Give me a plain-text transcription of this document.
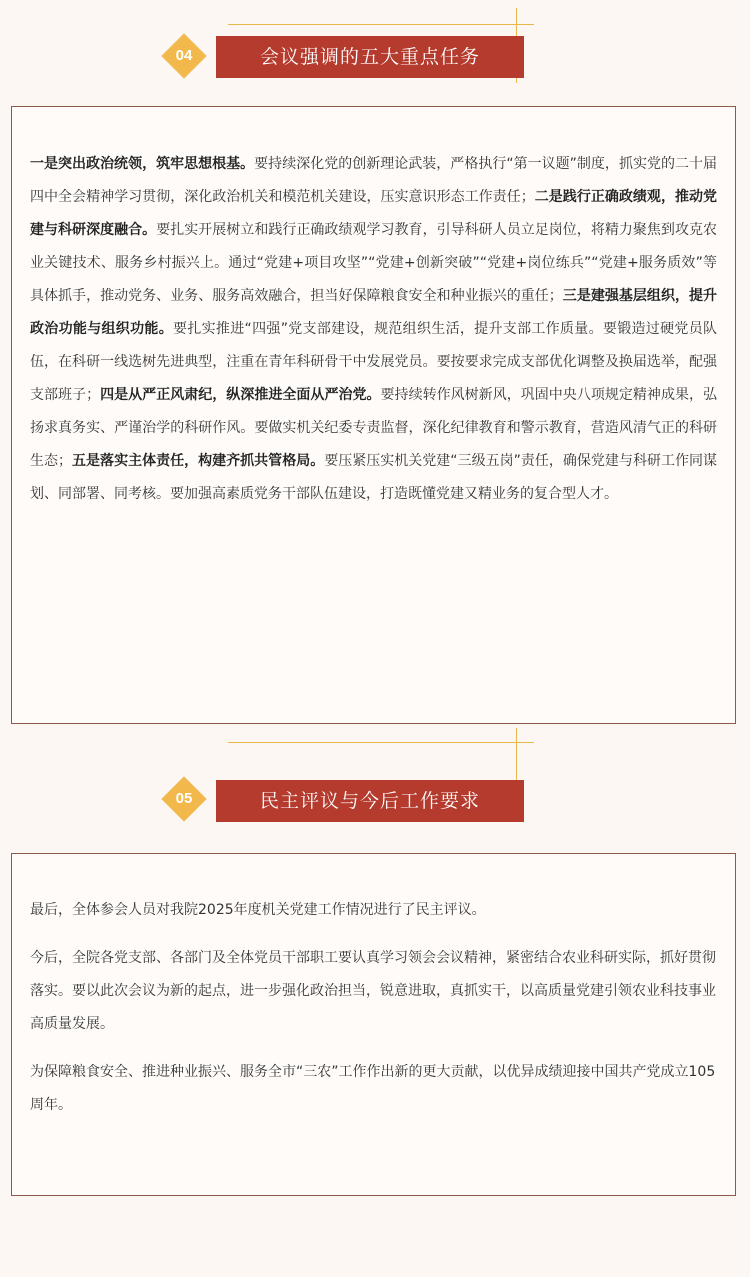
04	会议强调的五大重点任务

一是突出政治统领，筑牢思想根基。要持续深化党的创新理论武装，严格执行“第一议题”制度，抓实党的二十届四中全会精神学习贯彻，深化政治机关和模范机关建设，压实意识形态工作责任；二是践行正确政绩观，推动党建与科研深度融合。要扎实开展树立和践行正确政绩观学习教育，引导科研人员立足岗位，将精力聚焦到攻克农业关键技术、服务乡村振兴上。通过“党建+项目攻坚”“党建+创新突破”“党建+岗位练兵”“党建+服务质效”等具体抓手，推动党务、业务、服务高效融合，担当好保障粮食安全和种业振兴的重任；三是建强基层组织，提升政治功能与组织功能。要扎实推进“四强”党支部建设，规范组织生活，提升支部工作质量。要锻造过硬党员队伍，在科研一线选树先进典型，注重在青年科研骨干中发展党员。要按要求完成支部优化调整及换届选举，配强支部班子；四是从严正风肃纪，纵深推进全面从严治党。要持续转作风树新风，巩固中央八项规定精神成果，弘扬求真务实、严谨治学的科研作风。要做实机关纪委专责监督，深化纪律教育和警示教育，营造风清气正的科研生态；五是落实主体责任，构建齐抓共管格局。要压紧压实机关党建“三级五岗”责任，确保党建与科研工作同谋划、同部署、同考核。要加强高素质党务干部队伍建设，打造既懂党建又精业务的复合型人才。

05	民主评议与今后工作要求

最后，全体参会人员对我院2025年度机关党建工作情况进行了民主评议。

今后，全院各党支部、各部门及全体党员干部职工要认真学习领会会议精神，紧密结合农业科研实际，抓好贯彻落实。要以此次会议为新的起点，进一步强化政治担当，锐意进取，真抓实干，以高质量党建引领农业科技事业高质量发展。

为保障粮食安全、推进种业振兴、服务全市“三农”工作作出新的更大贡献，以优异成绩迎接中国共产党成立105周年。
